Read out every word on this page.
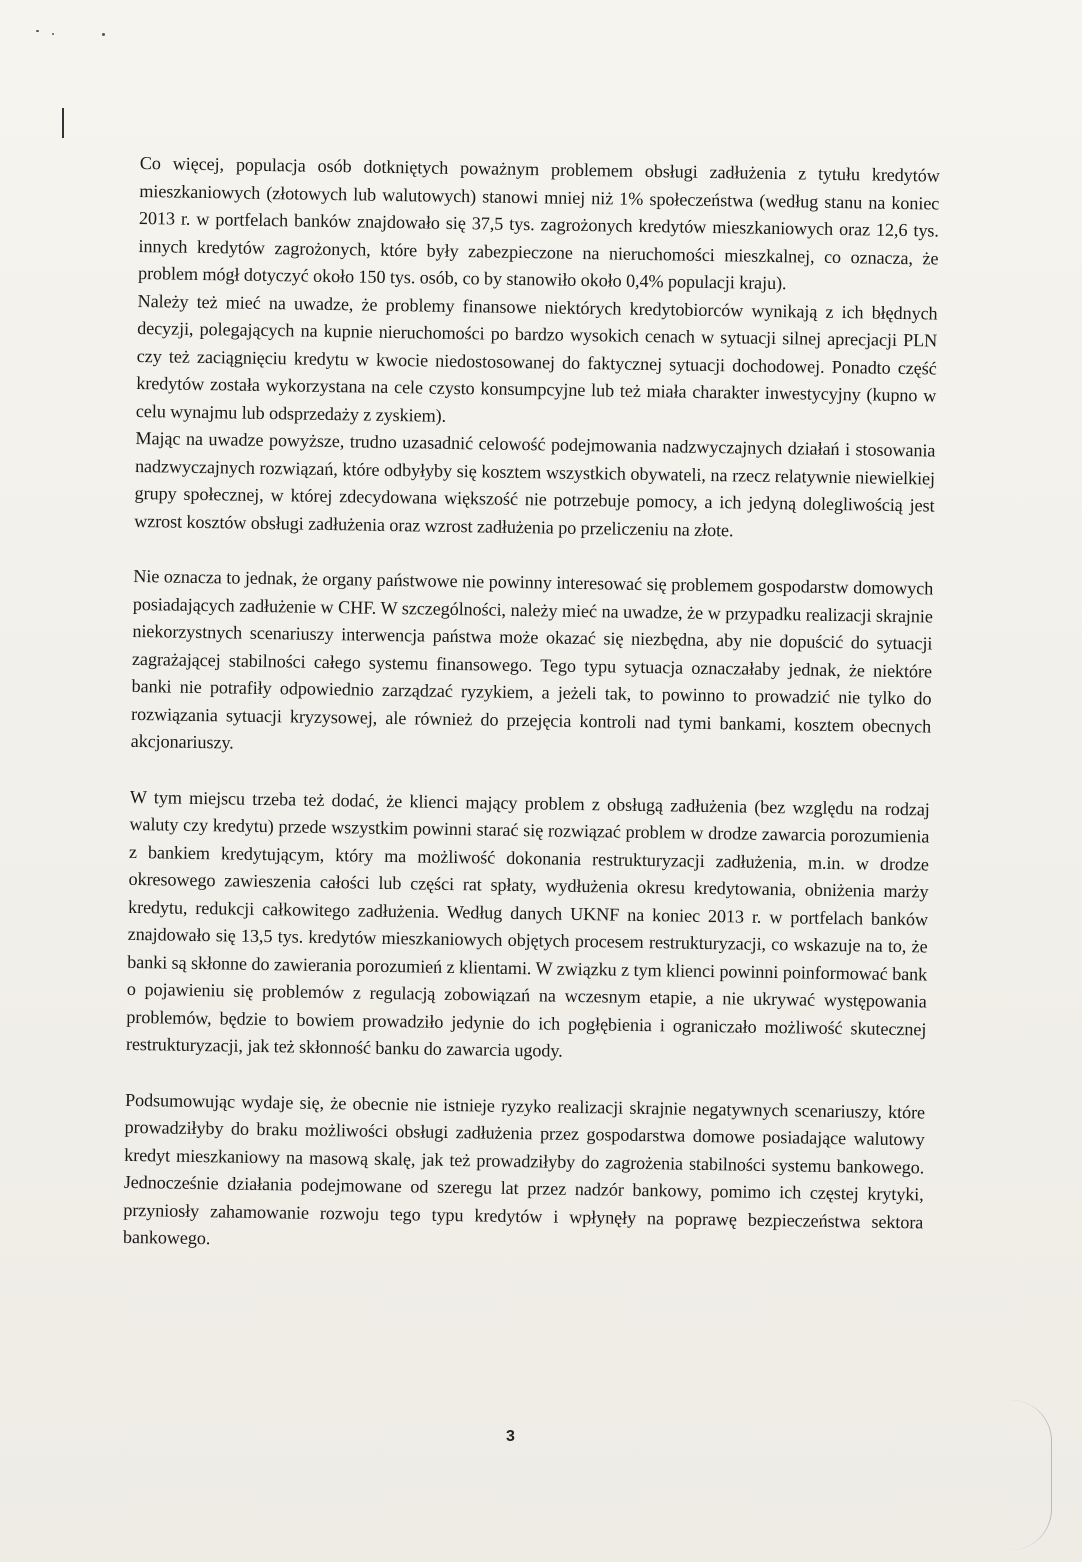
Co więcej, populacja osób dotkniętych poważnym problemem obsługi zadłużenia z tytułu kredytów mieszkaniowych (złotowych lub walutowych) stanowi mniej niż 1% społeczeństwa (według stanu na koniec 2013 r. w portfelach banków znajdowało się 37,5 tys. zagrożonych kredytów mieszkaniowych oraz 12,6 tys. innych kredytów zagrożonych, które były zabezpieczone na nieruchomości mieszkalnej, co oznacza, że problem mógł dotyczyć około 150 tys. osób, co by stanowiło około 0,4% populacji kraju).

Należy też mieć na uwadze, że problemy finansowe niektórych kredytobiorców wynikają z ich błędnych decyzji, polegających na kupnie nieruchomości po bardzo wysokich cenach w sytuacji silnej aprecjacji PLN czy też zaciągnięciu kredytu w kwocie niedostosowanej do faktycznej sytuacji dochodowej. Ponadto część kredytów została wykorzystana na cele czysto konsumpcyjne lub też miała charakter inwestycyjny (kupno w celu wynajmu lub odsprzedaży z zyskiem).

Mając na uwadze powyższe, trudno uzasadnić celowość podejmowania nadzwyczajnych działań i stosowania nadzwyczajnych rozwiązań, które odbyłyby się kosztem wszystkich obywateli, na rzecz relatywnie niewielkiej grupy społecznej, w której zdecydowana większość nie potrzebuje pomocy, a ich jedyną dolegliwością jest wzrost kosztów obsługi zadłużenia oraz wzrost zadłużenia po przeliczeniu na złote.

Nie oznacza to jednak, że organy państwowe nie powinny interesować się problemem gospodarstw domowych posiadających zadłużenie w CHF. W szczególności, należy mieć na uwadze, że w przypadku realizacji skrajnie niekorzystnych scenariuszy interwencja państwa może okazać się niezbędna, aby nie dopuścić do sytuacji zagrażającej stabilności całego systemu finansowego. Tego typu sytuacja oznaczałaby jednak, że niektóre banki nie potrafiły odpowiednio zarządzać ryzykiem, a jeżeli tak, to powinno to prowadzić nie tylko do rozwiązania sytuacji kryzysowej, ale również do przejęcia kontroli nad tymi bankami, kosztem obecnych akcjonariuszy.

W tym miejscu trzeba też dodać, że klienci mający problem z obsługą zadłużenia (bez względu na rodzaj waluty czy kredytu) przede wszystkim powinni starać się rozwiązać problem w drodze zawarcia porozumienia z bankiem kredytującym, który ma możliwość dokonania restrukturyzacji zadłużenia, m.in. w drodze okresowego zawieszenia całości lub części rat spłaty, wydłużenia okresu kredytowania, obniżenia marży kredytu, redukcji całkowitego zadłużenia. Według danych UKNF na koniec 2013 r. w portfelach banków znajdowało się 13,5 tys. kredytów mieszkaniowych objętych procesem restrukturyzacji, co wskazuje na to, że banki są skłonne do zawierania porozumień z klientami. W związku z tym klienci powinni poinformować bank o pojawieniu się problemów z regulacją zobowiązań na wczesnym etapie, a nie ukrywać występowania problemów, będzie to bowiem prowadziło jedynie do ich pogłębienia i ograniczało możliwość skutecznej restrukturyzacji, jak też skłonność banku do zawarcia ugody.

Podsumowując wydaje się, że obecnie nie istnieje ryzyko realizacji skrajnie negatywnych scenariuszy, które prowadziłyby do braku możliwości obsługi zadłużenia przez gospodarstwa domowe posiadające walutowy kredyt mieszkaniowy na masową skalę, jak też prowadziłyby do zagrożenia stabilności systemu bankowego. Jednocześnie działania podejmowane od szeregu lat przez nadzór bankowy, pomimo ich częstej krytyki, przyniosły zahamowanie rozwoju tego typu kredytów i wpłynęły na poprawę bezpieczeństwa sektora bankowego.

3
